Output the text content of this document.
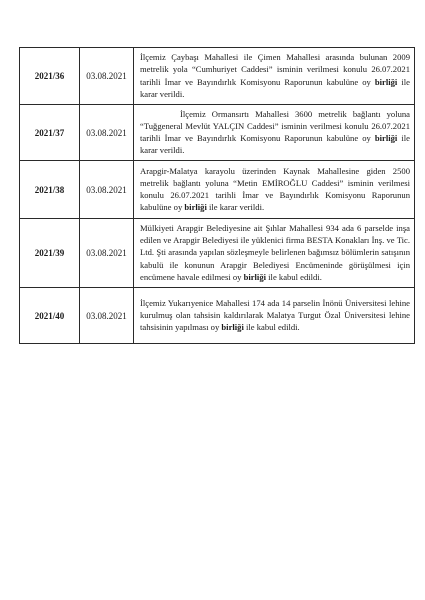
2021/36	03.08.2021	İlçemiz Çaybaşı Mahallesi ile Çimen Mahallesi arasında bulunan 2009 metrelik yola “Cumhuriyet Caddesi” isminin verilmesi konulu 26.07.2021 tarihli İmar ve Bayındırlık Komisyonu Raporunun kabulüne oy birliği ile karar verildi.
2021/37	03.08.2021	İlçemiz Ormansırtı Mahallesi 3600 metrelik bağlantı yoluna “Tuğgeneral Mevlüt YALÇIN Caddesi” isminin verilmesi konulu 26.07.2021 tarihli İmar ve Bayındırlık Komisyonu Raporunun kabulüne oy birliği ile karar verildi.
2021/38	03.08.2021	Arapgir-Malatya karayolu üzerinden Kaynak Mahallesine giden 2500 metrelik bağlantı yoluna “Metin EMİROĞLU Caddesi” isminin verilmesi konulu 26.07.2021 tarihli İmar ve Bayındırlık Komisyonu Raporunun kabulüne oy birliği ile karar verildi.
2021/39	03.08.2021	Mülkiyeti Arapgir Belediyesine ait Şıhlar Mahallesi 934 ada 6 parselde inşa edilen ve Arapgir Belediyesi ile yüklenici firma BESTA Konakları İnş. ve Tic. Ltd. Şti arasında yapılan sözleşmeyle belirlenen bağımsız bölümlerin satışının kabulü ile konunun Arapgir Belediyesi Encümeninde görüşülmesi için encümene havale edilmesi oy birliği ile kabul edildi.
2021/40	03.08.2021	İlçemiz Yukarıyenice Mahallesi 174 ada 14 parselin İnönü Üniversitesi lehine kurulmuş olan tahsisin kaldırılarak Malatya Turgut Özal Üniversitesi lehine tahsisinin yapılması oy birliği ile kabul edildi.
